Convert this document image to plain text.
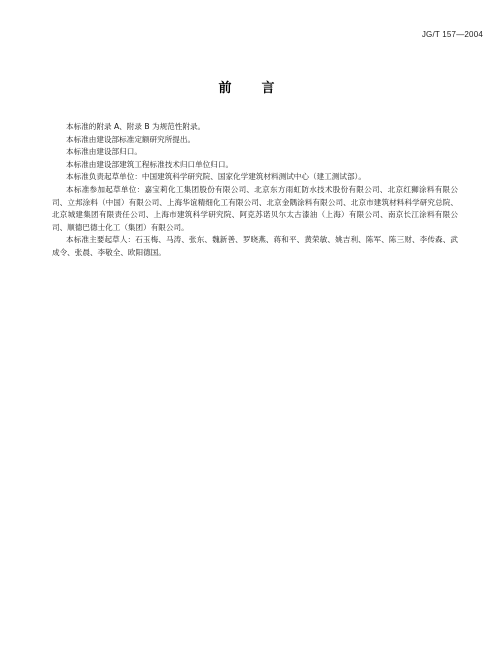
JG/T 157—2004
前 言

本标准的附录 A、附录 B 为规范性附录。

本标准由建设部标准定额研究所提出。

本标准由建设部归口。

本标准由建设部建筑工程标准技术归口单位归口。

本标准负责起草单位：中国建筑科学研究院、国家化学建筑材料测试中心（建工测试部）。

本标准参加起草单位：嘉宝莉化工集团股份有限公司、北京东方雨虹防水技术股份有限公司、北京红狮涂料有限公司、立邦涂料（中国）有限公司、上海华谊精细化工有限公司、北京金隅涂料有限公司、北京市建筑材料科学研究总院、北京城建集团有限责任公司、上海市建筑科学研究院、阿克苏诺贝尔太古漆油（上海）有限公司、南京长江涂料有限公司、顺德巴德士化工（集团）有限公司。

本标准主要起草人：石玉梅、马涛、张东、魏新善、罗晓燕、蒋和平、黄荣敏、姚吉利、陈军、陈三财、李传森、武成令、张晨、李敬全、欧阳德国。
